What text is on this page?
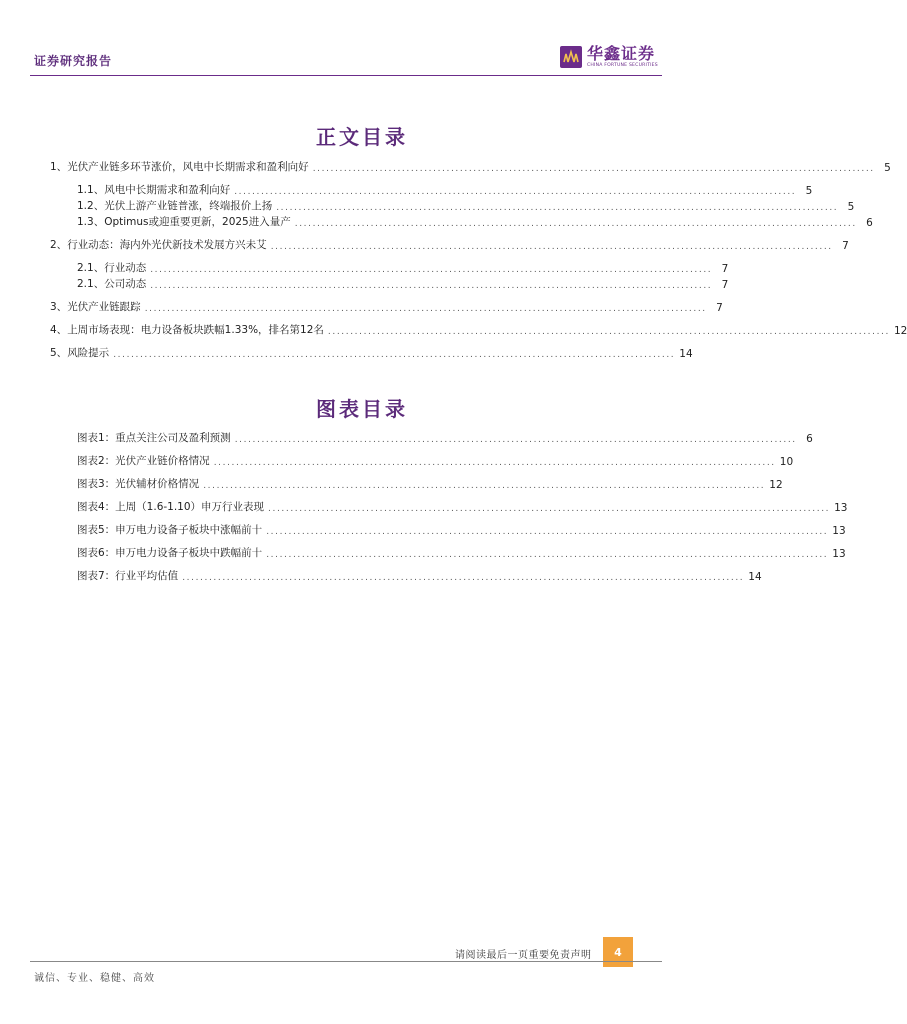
证券研究报告	华鑫证券
CHINA FORTUNE SECURITIES
正文目录
1、 光伏产业链多环节涨价，风电中长期需求和盈利向好 .............................................................................................................................. 5
1.1、 风电中长期需求和盈利向好 .............................................................................................................................. 5
1.2、 光伏上游产业链普涨，终端报价上扬 .............................................................................................................................. 5
1.3、 Optimus或迎重要更新，2025进入量产 .............................................................................................................................. 6
2、 行业动态：海内外光伏新技术发展方兴未艾 .............................................................................................................................. 7
2.1、 行业动态 .............................................................................................................................. 7
2.1、 公司动态 .............................................................................................................................. 7
3、 光伏产业链跟踪 .............................................................................................................................. 7
4、 上周市场表现：电力设备板块跌幅1.33%，排名第12名 .............................................................................................................................. 12
5、 风险提示 .............................................................................................................................. 14
图表目录
图表1：重点关注公司及盈利预测 .............................................................................................................................. 6
图表2：光伏产业链价格情况 .............................................................................................................................. 10
图表3：光伏辅材价格情况 .............................................................................................................................. 12
图表4：上周（1.6-1.10）申万行业表现 .............................................................................................................................. 13
图表5：申万电力设备子板块中涨幅前十 .............................................................................................................................. 13
图表6：申万电力设备子板块中跌幅前十 .............................................................................................................................. 13
图表7：行业平均估值 .............................................................................................................................. 14
请阅读最后一页重要免责声明	4
诚信、专业、稳健、高效
